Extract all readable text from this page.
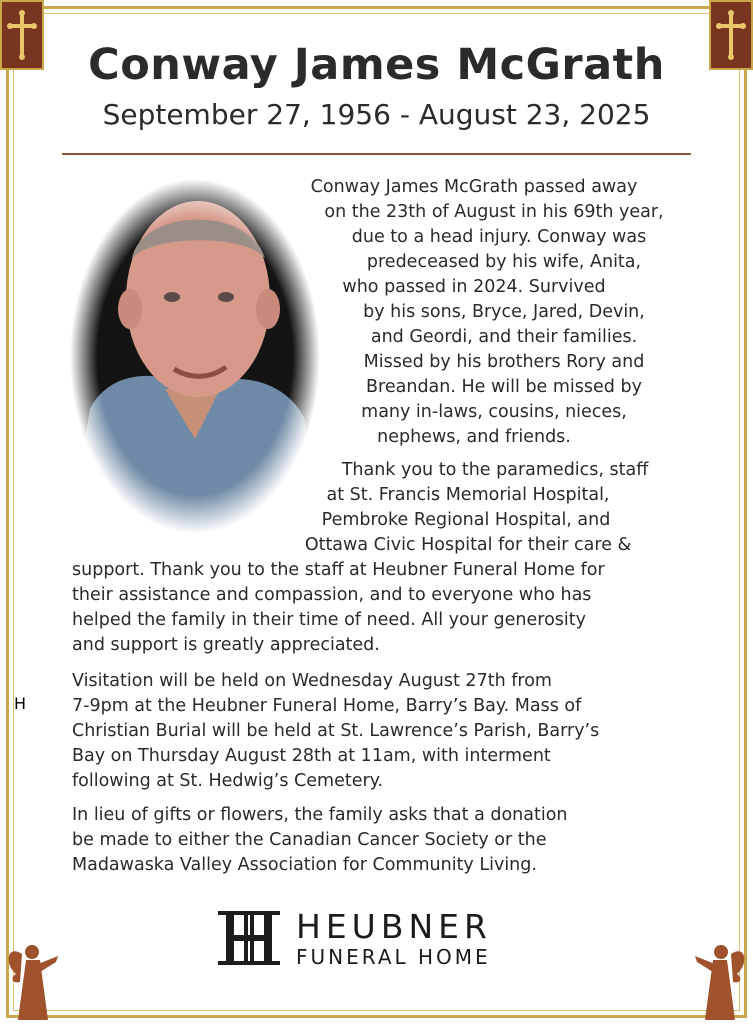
Conway James McGrath
September 27, 1956 - August 23, 2025
Conway James McGrath passed away
on the 23th of August in his 69th year,
due to a head injury. Conway was
predeceased by his wife, Anita,
who passed in 2024. Survived
by his sons, Bryce, Jared, Devin,
and Geordi, and their families.
Missed by his brothers Rory and
Breandan. He will be missed by
many in-laws, cousins, nieces,
nephews, and friends.
Thank you to the paramedics, staff
at St. Francis Memorial Hospital,
Pembroke Regional Hospital, and
Ottawa Civic Hospital for their care &
support. Thank you to the staff at Heubner Funeral Home for
their assistance and compassion, and to everyone who has
helped the family in their time of need. All your generosity
and support is greatly appreciated.
Visitation will be held on Wednesday August 27th from
7-9pm at the Heubner Funeral Home, Barry’s Bay. Mass of
Christian Burial will be held at St. Lawrence’s Parish, Barry’s
Bay on Thursday August 28th at 11am, with interment
following at St. Hedwig’s Cemetery.
In lieu of gifts or flowers, the family asks that a donation
be made to either the Canadian Cancer Society or the
Madawaska Valley Association for Community Living.
H
HEUBNER
FUNERAL HOME
